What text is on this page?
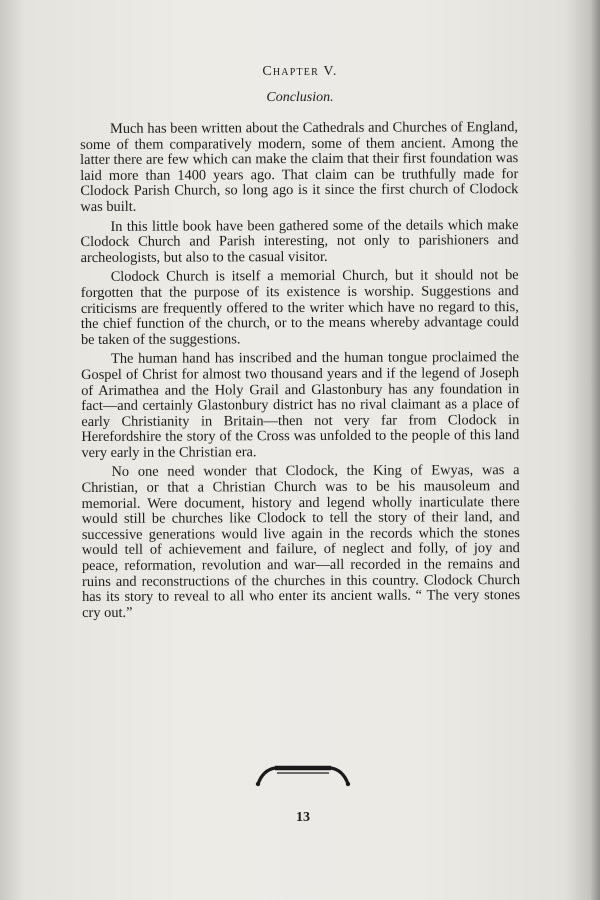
Chapter V.
Conclusion.

Much has been written about the Cathedrals and Churches of England, some of them comparatively modern, some of them ancient. Among the latter there are few which can make the claim that their first foundation was laid more than 1400 years ago. That claim can be truthfully made for Clodock Parish Church, so long ago is it since the first church of Clodock was built.

In this little book have been gathered some of the details which make Clodock Church and Parish interesting, not only to parishioners and archeologists, but also to the casual visitor.

Clodock Church is itself a memorial Church, but it should not be forgotten that the purpose of its existence is worship. Suggestions and criticisms are frequently offered to the writer which have no regard to this, the chief function of the church, or to the means whereby advantage could be taken of the suggestions.

The human hand has inscribed and the human tongue proclaimed the Gospel of Christ for almost two thousand years and if the legend of Joseph of Arimathea and the Holy Grail and Glastonbury has any foundation in fact—and certainly Glastonbury district has no rival claimant as a place of early Christianity in Britain—then not very far from Clodock in Herefordshire the story of the Cross was unfolded to the people of this land very early in the Christian era.

No one need wonder that Clodock, the King of Ewyas, was a Christian, or that a Christian Church was to be his mausoleum and memorial. Were document, history and legend wholly inarticulate there would still be churches like Clodock to tell the story of their land, and successive generations would live again in the records which the stones would tell of achievement and failure, of neglect and folly, of joy and peace, reformation, revolution and war—all recorded in the remains and ruins and reconstructions of the churches in this country. Clodock Church has its story to reveal to all who enter its ancient walls. “ The very stones cry out.”

13
